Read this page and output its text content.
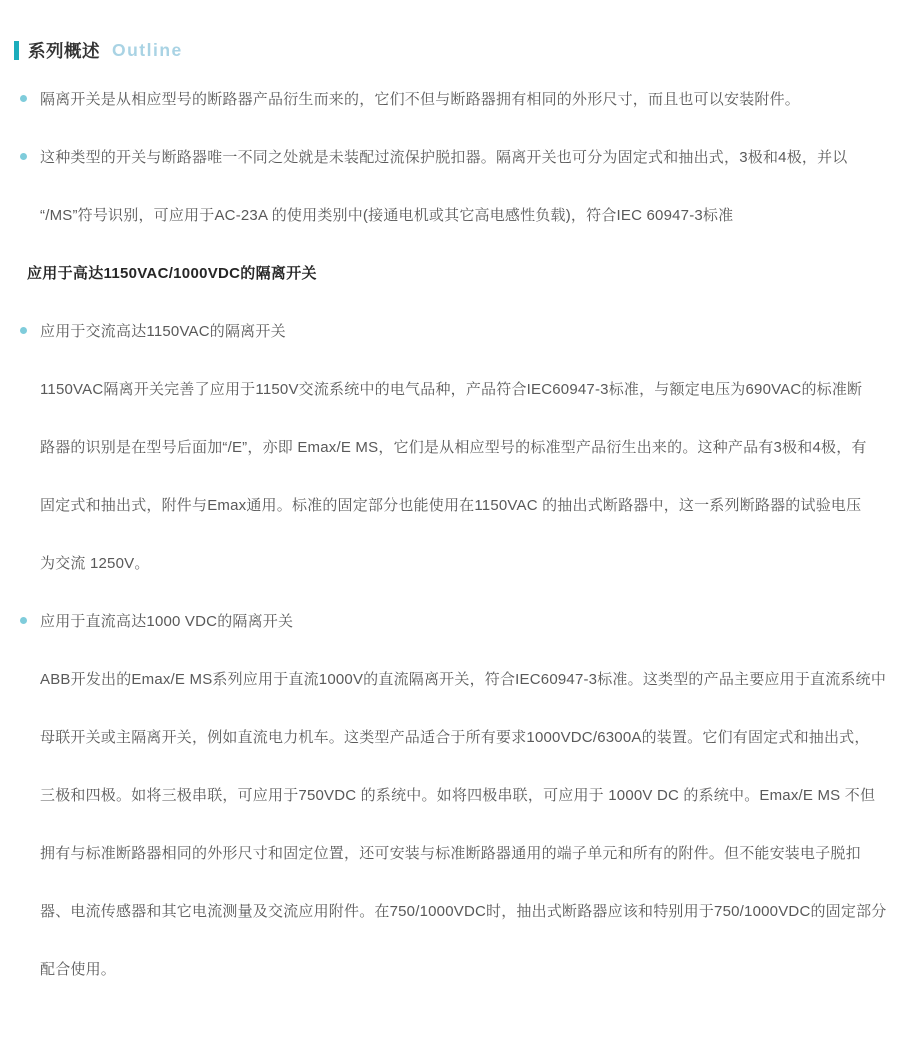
系列概述 Outline
隔离开关是从相应型号的断路器产品衍生而来的，它们不但与断路器拥有相同的外形尺寸，而且也可以安装附件。
这种类型的开关与断路器唯一不同之处就是未装配过流保护脱扣器。隔离开关也可分为固定式和抽出式，3极和4极，并以
“/MS”符号识别，可应用于AC-23A 的使用类别中(接通电机或其它高电感性负载)，符合IEC 60947-3标准
应用于高达1150VAC/1000VDC的隔离开关
应用于交流高达1150VAC的隔离开关
1150VAC隔离开关完善了应用于1150V交流系统中的电气品种，产品符合IEC60947-3标准，与额定电压为690VAC的标准断
路器的识别是在型号后面加“/E”，亦即 Emax/E MS，它们是从相应型号的标准型产品衍生出来的。这种产品有3极和4极，有
固定式和抽出式，附件与Emax通用。标准的固定部分也能使用在1150VAC 的抽出式断路器中，这一系列断路器的试验电压
为交流 1250V。
应用于直流高达1000 VDC的隔离开关
ABB开发出的Emax/E MS系列应用于直流1000V的直流隔离开关，符合IEC60947-3标准。这类型的产品主要应用于直流系统中
母联开关或主隔离开关，例如直流电力机车。这类型产品适合于所有要求1000VDC/6300A的装置。它们有固定式和抽出式，
三极和四极。如将三极串联，可应用于750VDC 的系统中。如将四极串联，可应用于 1000V DC 的系统中。Emax/E MS 不但
拥有与标准断路器相同的外形尺寸和固定位置，还可安装与标准断路器通用的端子单元和所有的附件。但不能安装电子脱扣
器、电流传感器和其它电流测量及交流应用附件。在750/1000VDC时，抽出式断路器应该和特别用于750/1000VDC的固定部分
配合使用。
